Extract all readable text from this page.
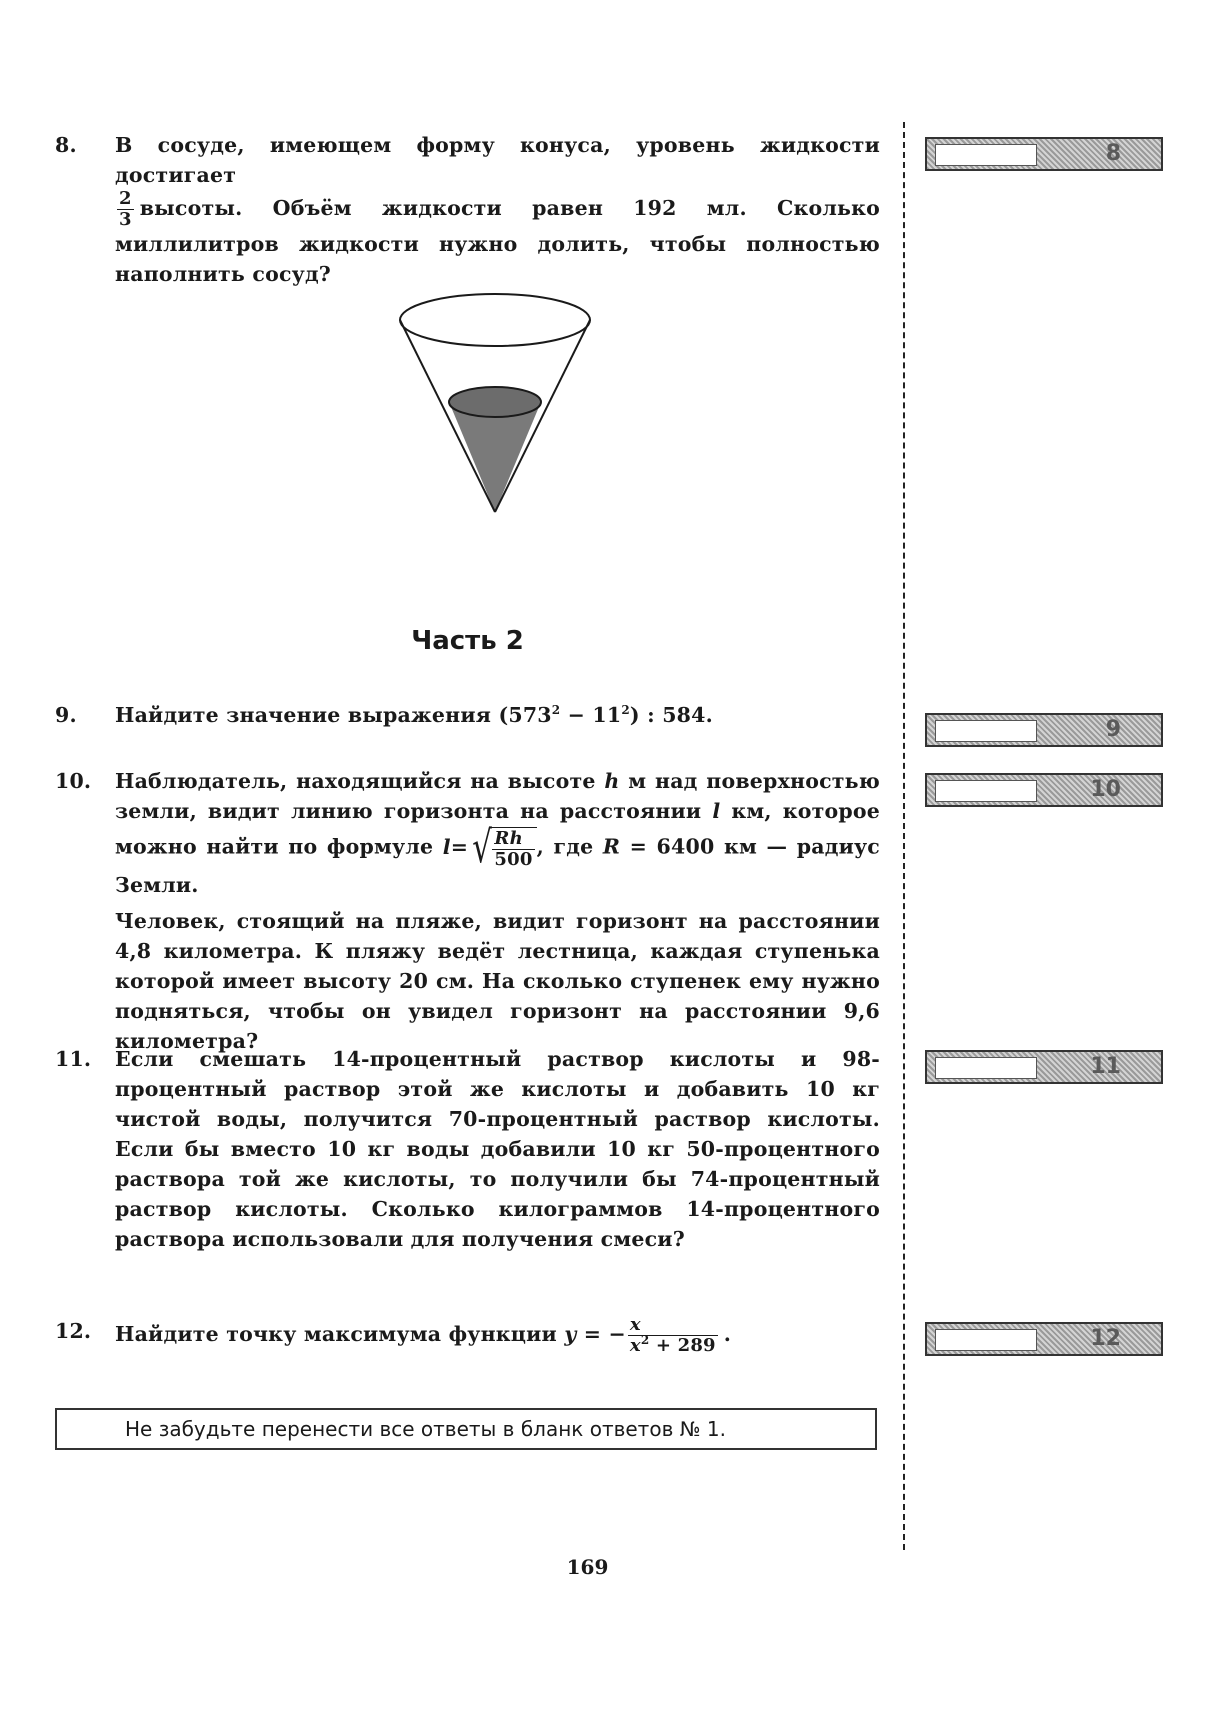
8.	В сосуде, имеющем форму конуса, уровень жидкости достигает

$\frac{2}{3}$ высоты. Объём жидкости равен 192 мл. Сколько миллилитров жидкости нужно долить, чтобы полностью наполнить сосуд?

Часть 2
9.	Найдите значение выражения $(573^2 - 11^2)$ : 584.

10.	Наблюдатель, находящийся на высоте h м над поверхностью земли, видит линию горизонта на расстоянии l км, которое можно найти по формуле $l=√ \frac{Rh}{500}$ , где R = 6400 км — радиус Земли.

Человек, стоящий на пляже, видит горизонт на расстоянии 4,8 километра. К пляжу ведёт лестница, каждая ступенька которой имеет высоту 20 см. На сколько ступенек ему нужно подняться, чтобы он увидел горизонт на расстоянии 9,6 километра?

11.	Если смешать 14-процентный раствор кислоты и 98-процентный раствор этой же кислоты и добавить 10 кг чистой воды, получится 70-процентный раствор кислоты. Если бы вместо 10 кг воды добавили 10 кг 50-процентного раствора той же кислоты, то получили бы 74-процентный раствор кислоты. Сколько килограммов 14-процентного раствора использовали для получения смеси?

12.	Найдите точку максимума функции y = − $\frac{x}{x^2 + 289}$ .

8
9
10
11
12
Не забудьте перенести все ответы в бланк ответов № 1.
169
